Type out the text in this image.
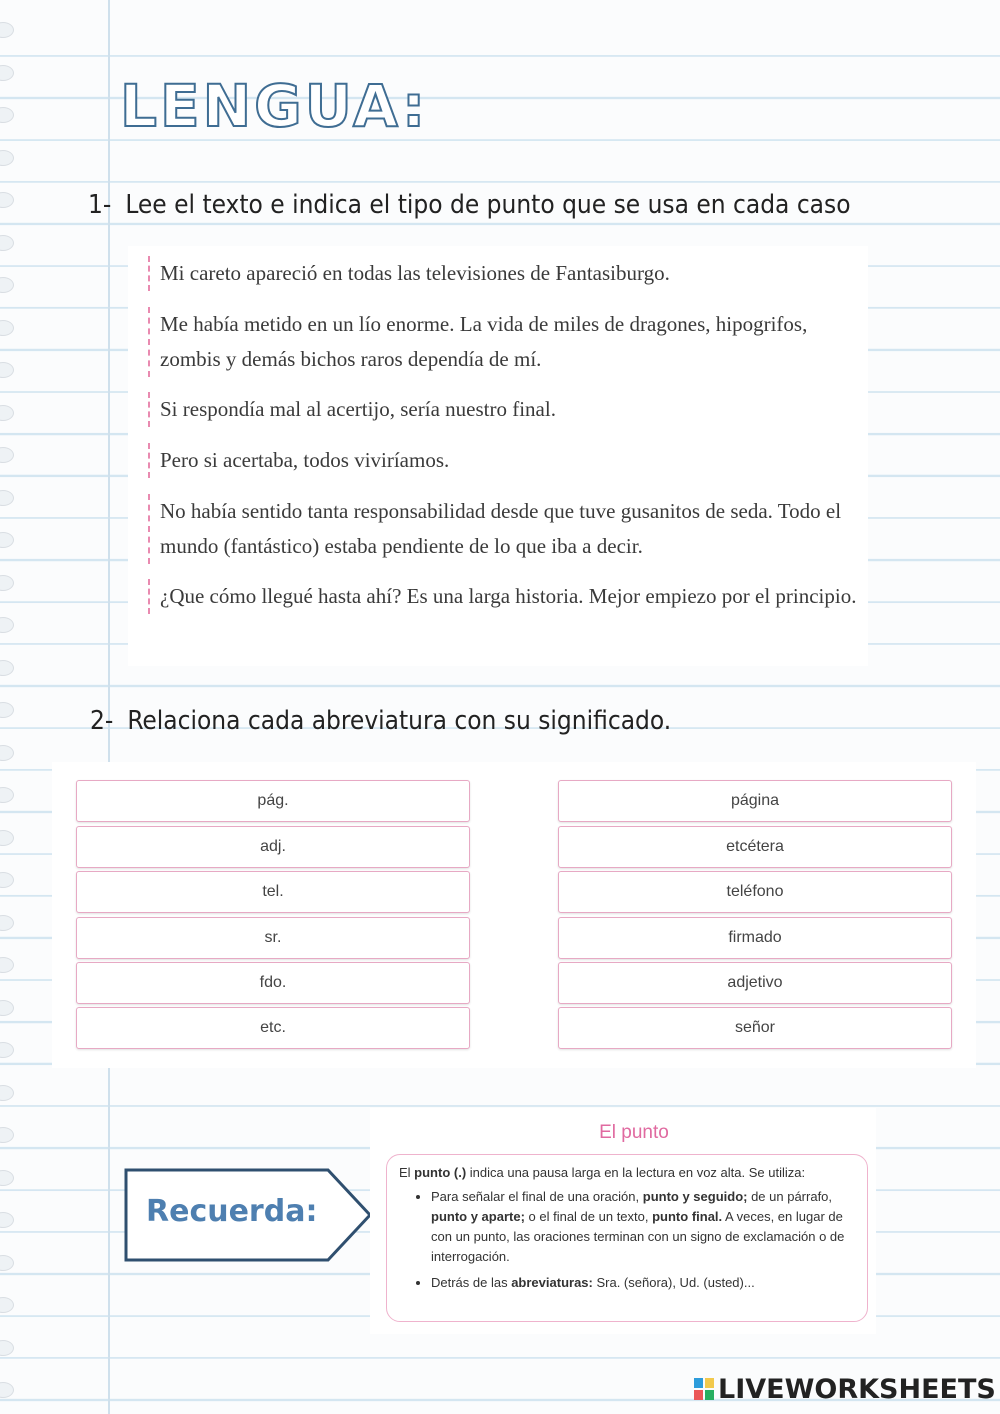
LENGUA:
1- Lee el texto e indica el tipo de punto que se usa en cada caso
Mi careto apareció en todas las televisiones de Fantasiburgo.
Me había metido en un lío enorme. La vida de miles de dragones, hipogrifos, zombis y demás bichos raros dependía de mí.
Si respondía mal al acertijo, sería nuestro final.
Pero si acertaba, todos viviríamos.
No había sentido tanta responsabilidad desde que tuve gusanitos de seda. Todo el mundo (fantástico) estaba pendiente de lo que iba a decir.
¿Que cómo llegué hasta ahí? Es una larga historia. Mejor empiezo por el principio.
2- Relaciona cada abreviatura con su significado.
pág.
adj.
tel.
sr.
fdo.
etc.
página
etcétera
teléfono
firmado
adjetivo
señor
Recuerda:
El punto

El punto (.) indica una pausa larga en la lectura en voz alta. Se utiliza:

• Para señalar el final de una oración, punto y seguido; de un párrafo, punto y aparte; o el final de un texto, punto final. A veces, en lugar de con un punto, las oraciones terminan con un signo de exclamación o de interrogación.
• Detrás de las abreviaturas: Sra. (señora), Ud. (usted)...
LIVEWORKSHEETS
